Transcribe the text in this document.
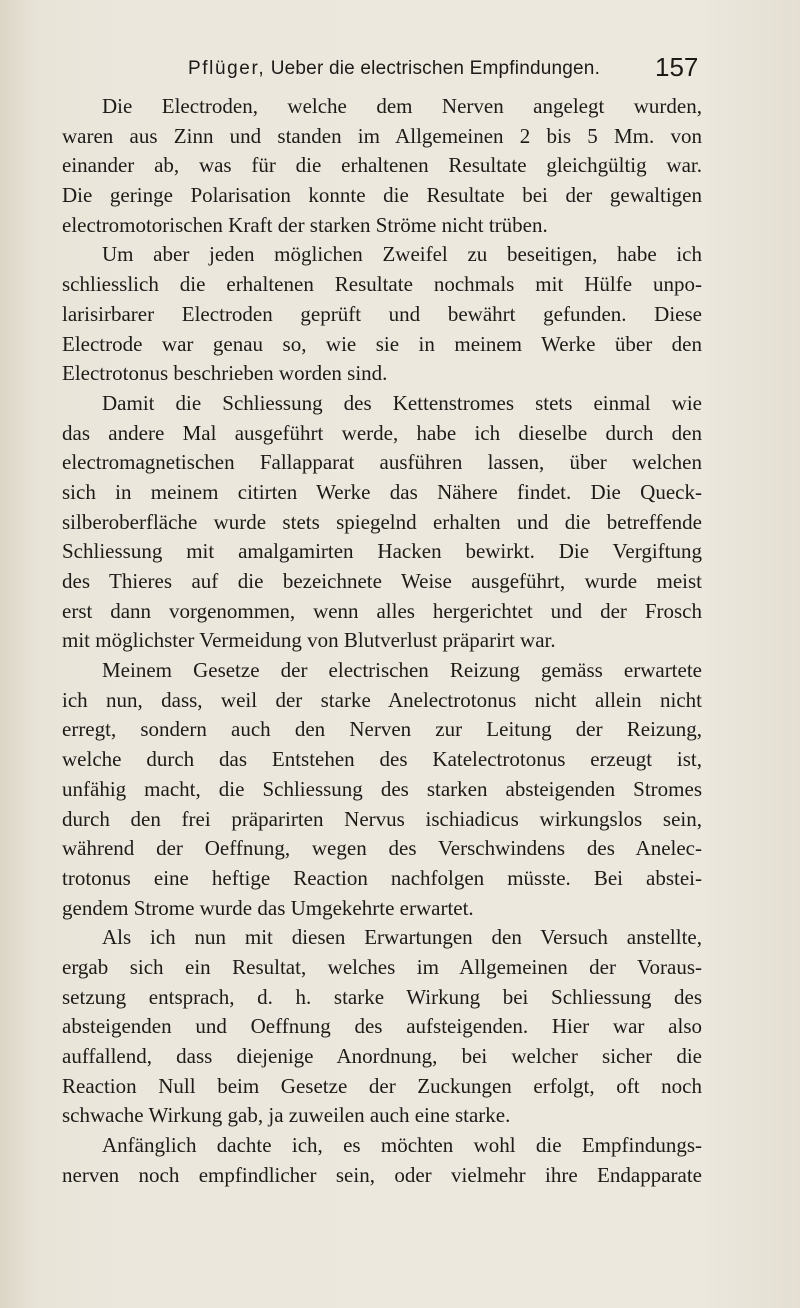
Pflüger, Ueber die electrischen Empfindungen. 157
Die Electroden, welche dem Nerven angelegt wurden,
waren aus Zinn und standen im Allgemeinen 2 bis 5 Mm. von
einander ab, was für die erhaltenen Resultate gleichgültig war.
Die geringe Polarisation konnte die Resultate bei der gewaltigen
electromotorischen Kraft der starken Ströme nicht trüben.
Um aber jeden möglichen Zweifel zu beseitigen, habe ich
schliesslich die erhaltenen Resultate nochmals mit Hülfe unpo-
larisirbarer Electroden geprüft und bewährt gefunden. Diese
Electrode war genau so, wie sie in meinem Werke über den
Electrotonus beschrieben worden sind.
Damit die Schliessung des Kettenstromes stets einmal wie
das andere Mal ausgeführt werde, habe ich dieselbe durch den
electromagnetischen Fallapparat ausführen lassen, über welchen
sich in meinem citirten Werke das Nähere findet. Die Queck-
silberoberfläche wurde stets spiegelnd erhalten und die betreffende
Schliessung mit amalgamirten Hacken bewirkt. Die Vergiftung
des Thieres auf die bezeichnete Weise ausgeführt, wurde meist
erst dann vorgenommen, wenn alles hergerichtet und der Frosch
mit möglichster Vermeidung von Blutverlust präparirt war.
Meinem Gesetze der electrischen Reizung gemäss erwartete
ich nun, dass, weil der starke Anelectrotonus nicht allein nicht
erregt, sondern auch den Nerven zur Leitung der Reizung,
welche durch das Entstehen des Katelectrotonus erzeugt ist,
unfähig macht, die Schliessung des starken absteigenden Stromes
durch den frei präparirten Nervus ischiadicus wirkungslos sein,
während der Oeffnung, wegen des Verschwindens des Anelec-
trotonus eine heftige Reaction nachfolgen müsste. Bei abstei-
gendem Strome wurde das Umgekehrte erwartet.
Als ich nun mit diesen Erwartungen den Versuch anstellte,
ergab sich ein Resultat, welches im Allgemeinen der Voraus-
setzung entsprach, d. h. starke Wirkung bei Schliessung des
absteigenden und Oeffnung des aufsteigenden. Hier war also
auffallend, dass diejenige Anordnung, bei welcher sicher die
Reaction Null beim Gesetze der Zuckungen erfolgt, oft noch
schwache Wirkung gab, ja zuweilen auch eine starke.
Anfänglich dachte ich, es möchten wohl die Empfindungs-
nerven noch empfindlicher sein, oder vielmehr ihre Endapparate
